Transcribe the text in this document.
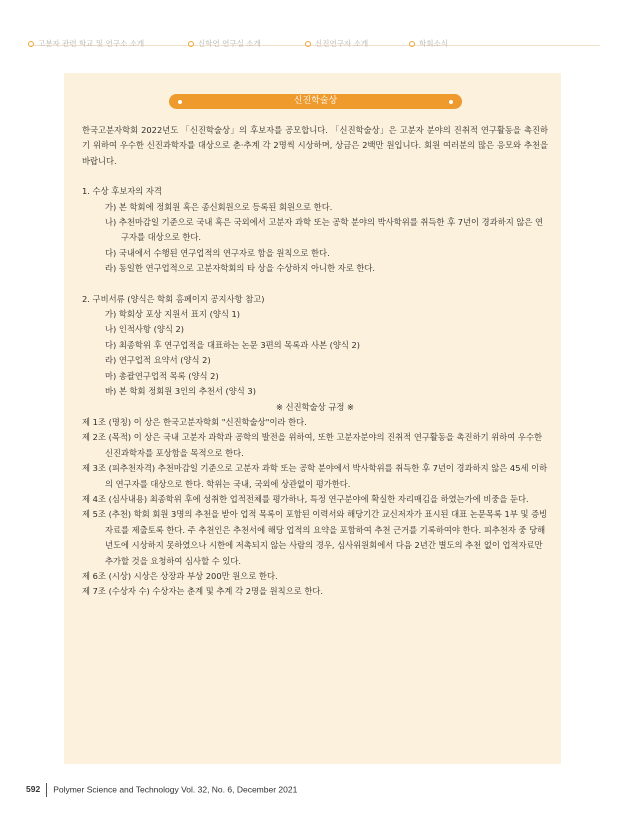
고분자 관련 학교 및 연구소 소개	신학연 연구실 소개	신진연구자 소개	학회소식
신진학술상

한국고분자학회 2022년도 「신진학술상」의 후보자를 공모합니다. 「신진학술상」은 고분자 분야의 진취적 연구활동을 촉진하기 위하여 우수한 신진과학자를 대상으로 춘·추계 각 2명씩 시상하며, 상금은 2백만 원입니다. 회원 여러분의 많은 응모와 추천을 바랍니다.

1. 수상 후보자의 자격

가) 본 학회에 정회원 혹은 종신회원으로 등록된 회원으로 한다.

나) 추천마감일 기준으로 국내 혹은 국외에서 고분자 과학 또는 공학 분야의 박사학위를 취득한 후 7년이 경과하지 않은 연구자를 대상으로 한다.

다) 국내에서 수행된 연구업적의 연구자로 함을 원칙으로 한다.

라) 동일한 연구업적으로 고분자학회의 타 상을 수상하지 아니한 자로 한다.

2. 구비서류 (양식은 학회 홈페이지 공지사항 참고)

가) 학회상 포상 지원서 표지 (양식 1)

나) 인적사항 (양식 2)

다) 최종학위 후 연구업적을 대표하는 논문 3편의 목록과 사본 (양식 2)

라) 연구업적 요약서 (양식 2)

마) 총괄연구업적 목록 (양식 2)

바) 본 학회 정회원 3인의 추천서 (양식 3)

※ 신진학술상 규정 ※

제 1조 (명칭) 이 상은 한국고분자학회 "신진학술상"이라 한다.

제 2조 (목적) 이 상은 국내 고분자 과학과 공학의 발전을 위하여, 또한 고분자분야의 진취적 연구활동을 촉진하기 위하여 우수한 신진과학자를 포상함을 목적으로 한다.

제 3조 (피추천자격) 추천마감일 기준으로 고분자 과학 또는 공학 분야에서 박사학위를 취득한 후 7년이 경과하지 않은 45세 이하의 연구자를 대상으로 한다. 학위는 국내, 국외에 상관없이 평가한다.

제 4조 (심사내용) 최종학위 후에 성취한 업적전체를 평가하나, 특정 연구분야에 확실한 자리매김을 하였는가에 비중을 둔다.

제 5조 (추천) 학회 회원 3명의 추천을 받아 업적 목록이 포함된 이력서와 해당기간 교신저자가 표시된 대표 논문목록 1부 및 증빙 자료를 제출토록 한다. 주 추천인은 추천서에 해당 업적의 요약을 포함하여 추천 근거를 기록하여야 한다. 피추천자 중 당해년도에 시상하지 못하였으나 시한에 저촉되지 않는 사람의 경우, 심사위원회에서 다음 2년간 별도의 추천 없이 업적자료만 추가할 것을 요청하여 심사할 수 있다.

제 6조 (시상) 시상은 상장과 부상 200만 원으로 한다.

제 7조 (수상자 수) 수상자는 춘계 및 추계 각 2명을 원칙으로 한다.

592 Polymer Science and Technology Vol. 32, No. 6, December 2021
